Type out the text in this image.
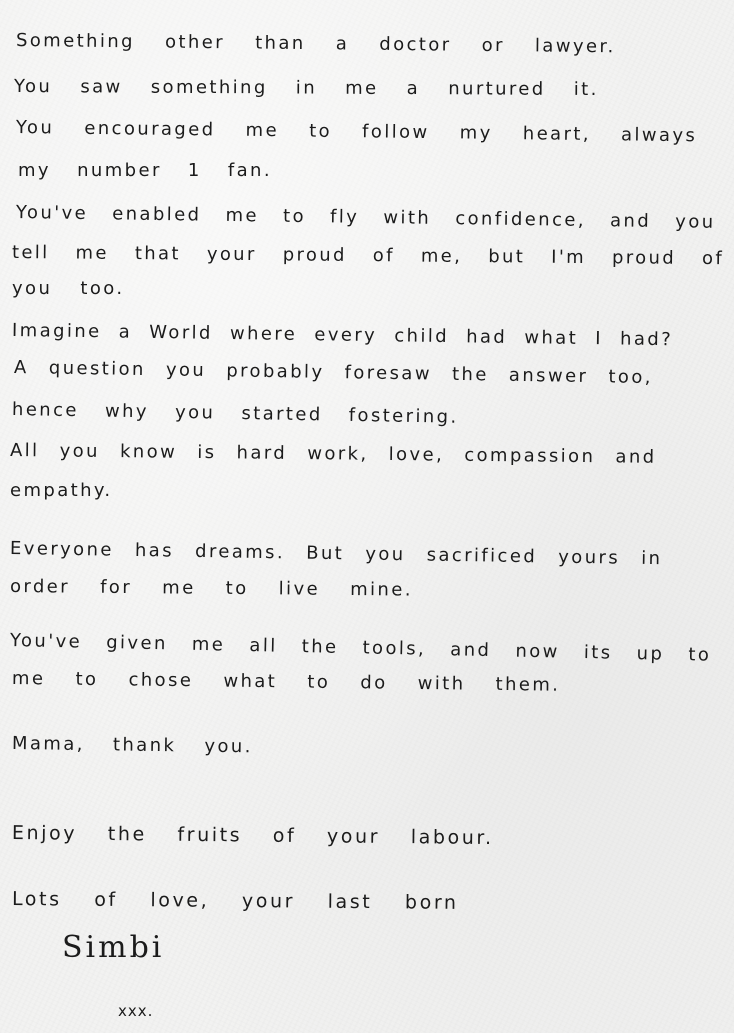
Something other than a doctor or lawyer.
You saw something in me a nurtured it.
You encouraged me to follow my heart, always
my number 1 fan.
You've enabled me to fly with confidence, and you
tell me that your proud of me, but I'm proud of
you too.
Imagine a World where every child had what I had?
A question you probably foresaw the answer too,
hence why you started fostering.
All you know is hard work, love, compassion and
empathy.
Everyone has dreams. But you sacrificed yours in
order for me to live mine.
You've given me all the tools, and now its up to
me to chose what to do with them.
Mama, thank you.
Enjoy the fruits of your labour.
Lots of love, your last born
Simbi
xxx.
